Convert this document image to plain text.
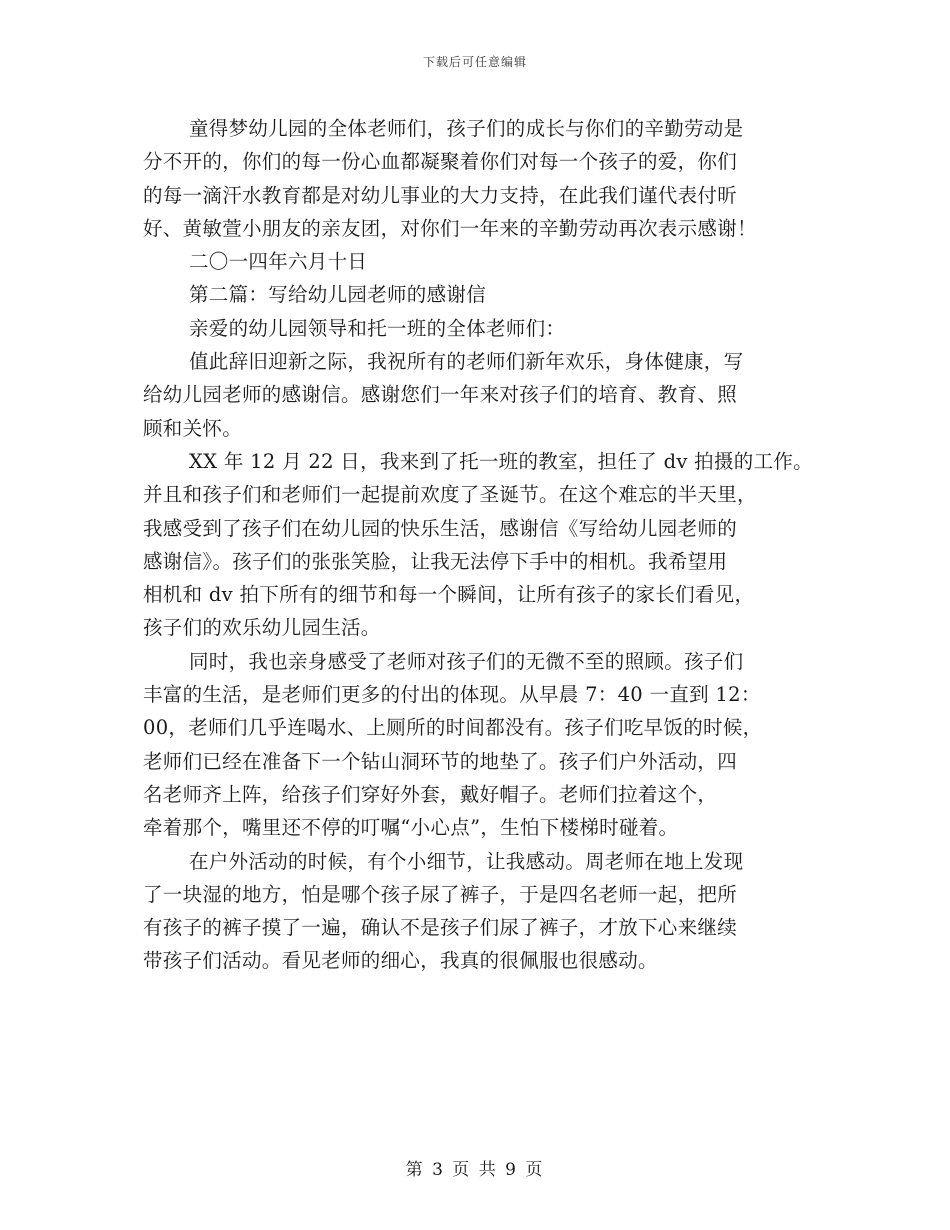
下载后可任意编辑
童得梦幼儿园的全体老师们，孩子们的成长与你们的辛勤劳动是
分不开的，你们的每一份心血都凝聚着你们对每一个孩子的爱，你们
的每一滴汗水教育都是对幼儿事业的大力支持，在此我们谨代表付昕
好、黄敏萱小朋友的亲友团，对你们一年来的辛勤劳动再次表示感谢！
二〇一四年六月十日
第二篇：写给幼儿园老师的感谢信
亲爱的幼儿园领导和托一班的全体老师们：
值此辞旧迎新之际，我祝所有的老师们新年欢乐，身体健康，写
给幼儿园老师的感谢信。感谢您们一年来对孩子们的培育、教育、照
顾和关怀。
XX 年 12 月 22 日，我来到了托一班的教室，担任了 dv 拍摄的工作。
并且和孩子们和老师们一起提前欢度了圣诞节。在这个难忘的半天里，
我感受到了孩子们在幼儿园的快乐生活，感谢信《写给幼儿园老师的
感谢信》。孩子们的张张笑脸，让我无法停下手中的相机。我希望用
相机和 dv 拍下所有的细节和每一个瞬间，让所有孩子的家长们看见，
孩子们的欢乐幼儿园生活。
同时，我也亲身感受了老师对孩子们的无微不至的照顾。孩子们
丰富的生活，是老师们更多的付出的体现。从早晨 7：40 一直到 12：
00，老师们几乎连喝水、上厕所的时间都没有。孩子们吃早饭的时候，
老师们已经在准备下一个钻山洞环节的地垫了。孩子们户外活动，四
名老师齐上阵，给孩子们穿好外套，戴好帽子。老师们拉着这个，
牵着那个，嘴里还不停的叮嘱“小心点”，生怕下楼梯时碰着。
在户外活动的时候，有个小细节，让我感动。周老师在地上发现
了一块湿的地方，怕是哪个孩子尿了裤子，于是四名老师一起，把所
有孩子的裤子摸了一遍，确认不是孩子们尿了裤子，才放下心来继续
带孩子们活动。看见老师的细心，我真的很佩服也很感动。
第 3 页 共 9 页
